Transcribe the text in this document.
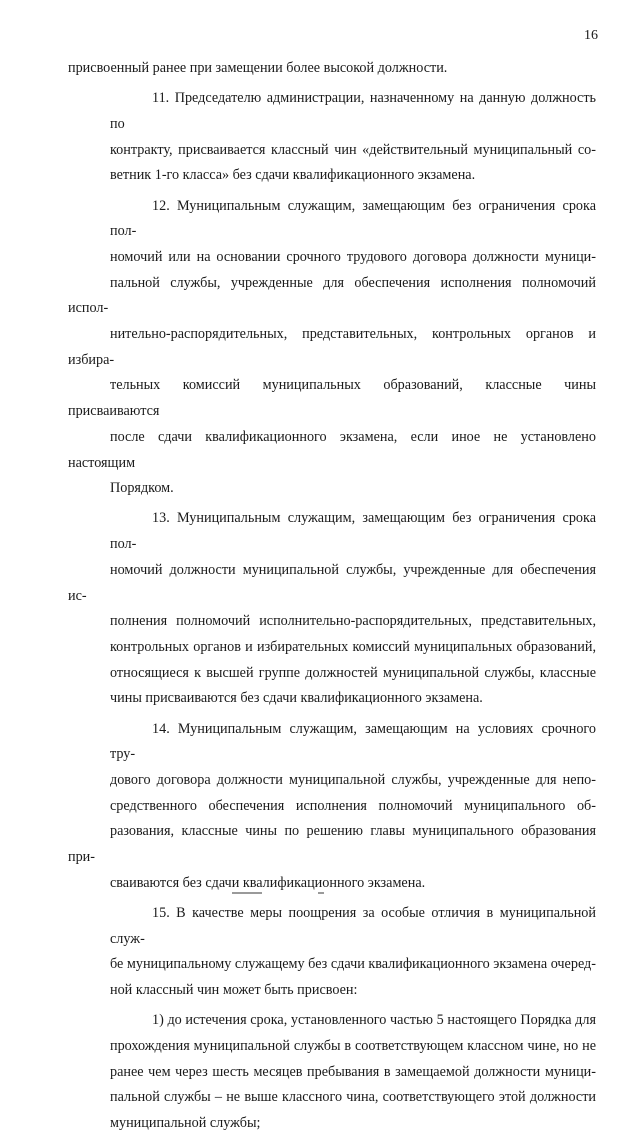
16
присвоенный ранее при замещении более высокой должности.
11. Председателю администрации, назначенному на данную должность по
контракту, присваивается классный чин «действительный муниципальный со-
ветник 1-го класса» без сдачи квалификационного экзамена.
12. Муниципальным служащим, замещающим без ограничения срока пол-
номочий или на основании срочного трудового договора должности муници-
пальной службы, учрежденные для обеспечения исполнения полномочий испол-
нительно-распорядительных, представительных, контрольных органов и избира-
тельных комиссий муниципальных образований, классные чины присваиваются
после сдачи квалификационного экзамена, если иное не установлено настоящим
Порядком.
13. Муниципальным служащим, замещающим без ограничения срока пол-
номочий должности муниципальной службы, учрежденные для обеспечения ис-
полнения полномочий исполнительно-распорядительных, представительных,
контрольных органов и избирательных комиссий муниципальных образований,
относящиеся к высшей группе должностей муниципальной службы, классные
чины присваиваются без сдачи квалификационного экзамена.
14. Муниципальным служащим, замещающим на условиях срочного тру-
дового договора должности муниципальной службы, учрежденные для непо-
средственного обеспечения исполнения полномочий муниципального об-
разования, классные чины по решению главы муниципального образования при-
сваиваются без сдачи квалификационного экзамена.
15. В качестве меры поощрения за особые отличия в муниципальной служ-
бе муниципальному служащему без сдачи квалификационного экзамена очеред-
ной классный чин может быть присвоен:
1) до истечения срока, установленного частью 5 настоящего Порядка для
прохождения муниципальной службы в соответствующем классном чине, но не
ранее чем через шесть месяцев пребывания в замещаемой должности муници-
пальной службы – не выше классного чина, соответствующего этой должности
муниципальной службы;
